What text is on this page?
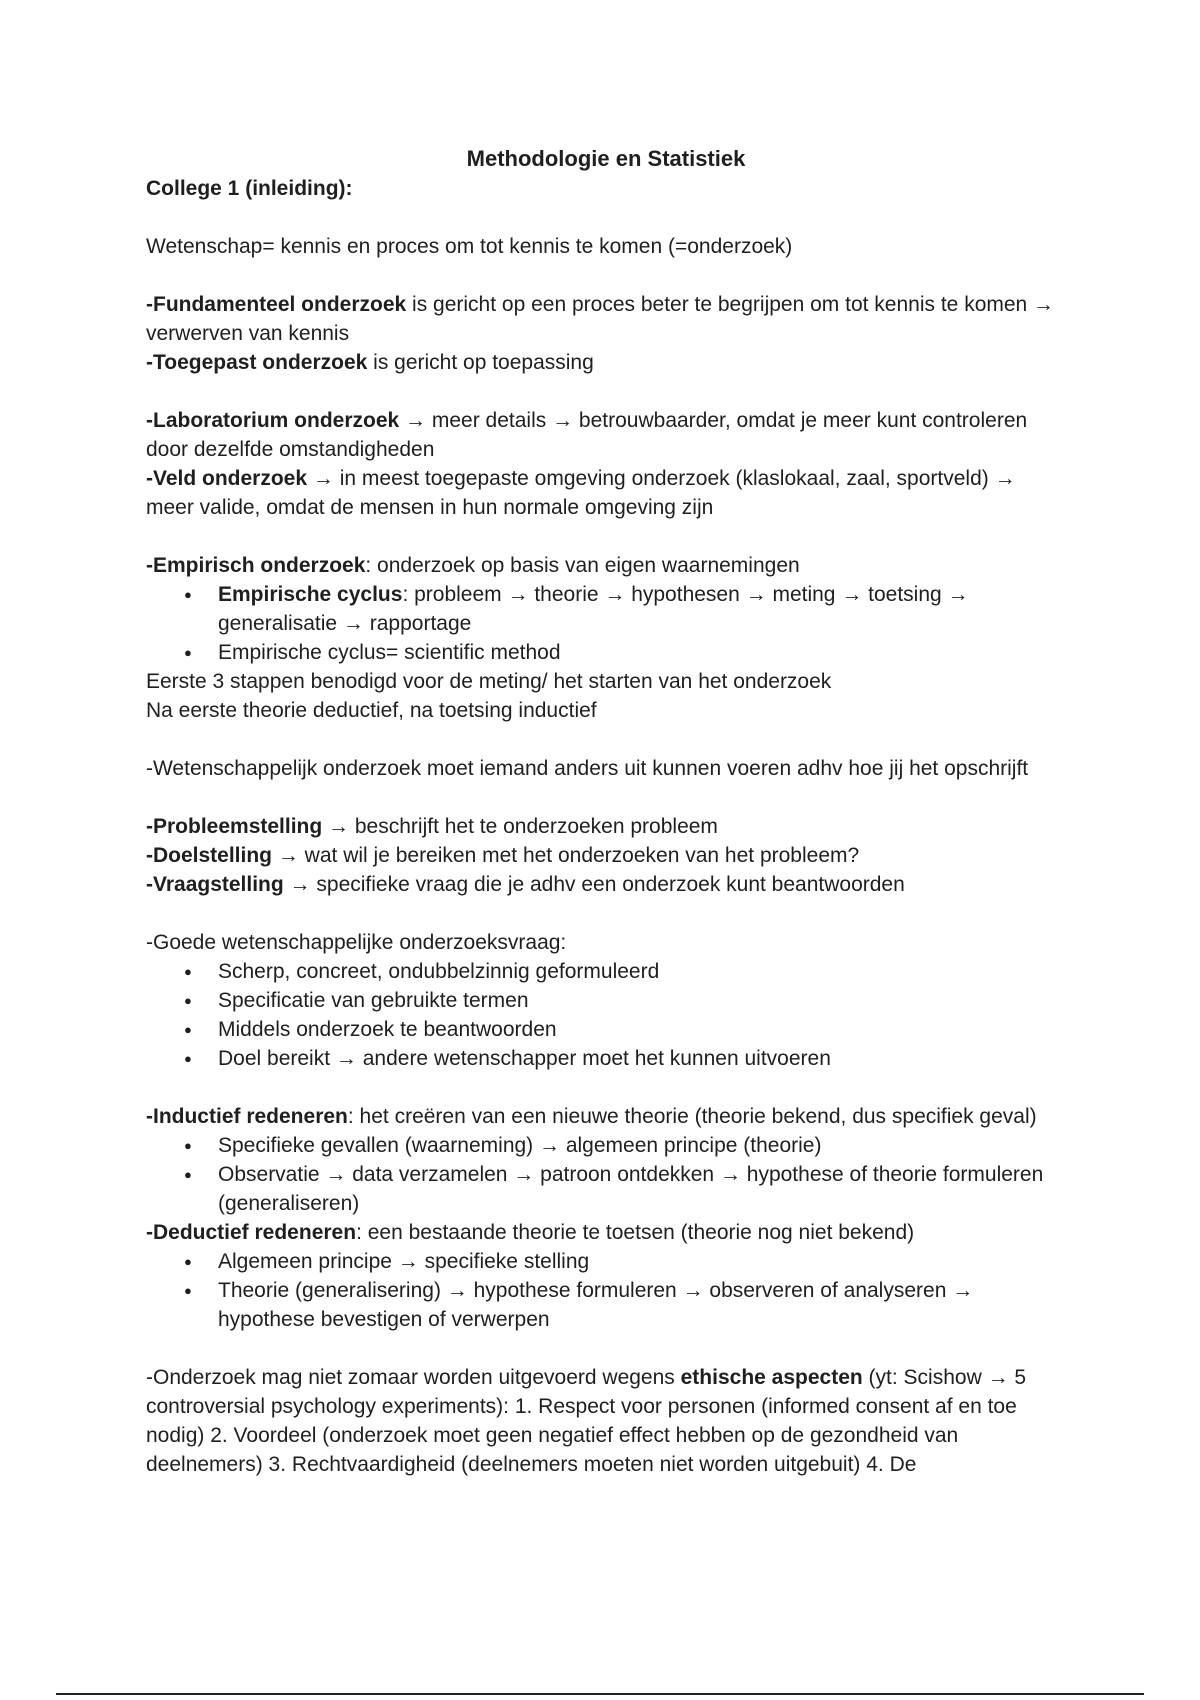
Methodologie en Statistiek

College 1 (inleiding):

Wetenschap= kennis en proces om tot kennis te komen (=onderzoek)

-Fundamenteel onderzoek is gericht op een proces beter te begrijpen om tot kennis te komen → verwerven van kennis

-Toegepast onderzoek is gericht op toepassing

-Laboratorium onderzoek → meer details → betrouwbaarder, omdat je meer kunt controleren door dezelfde omstandigheden

-Veld onderzoek → in meest toegepaste omgeving onderzoek (klaslokaal, zaal, sportveld) → meer valide, omdat de mensen in hun normale omgeving zijn

-Empirisch onderzoek: onderzoek op basis van eigen waarnemingen

● Empirische cyclus: probleem → theorie → hypothesen → meting → toetsing → generalisatie → rapportage
● Empirische cyclus= scientific method

Eerste 3 stappen benodigd voor de meting/ het starten van het onderzoek

Na eerste theorie deductief, na toetsing inductief

-Wetenschappelijk onderzoek moet iemand anders uit kunnen voeren adhv hoe jij het opschrijft

-Probleemstelling → beschrijft het te onderzoeken probleem

-Doelstelling → wat wil je bereiken met het onderzoeken van het probleem?

-Vraagstelling → specifieke vraag die je adhv een onderzoek kunt beantwoorden

-Goede wetenschappelijke onderzoeksvraag:

● Scherp, concreet, ondubbelzinnig geformuleerd
● Specificatie van gebruikte termen
● Middels onderzoek te beantwoorden
● Doel bereikt → andere wetenschapper moet het kunnen uitvoeren

-Inductief redeneren: het creëren van een nieuwe theorie (theorie bekend, dus specifiek geval)

● Specifieke gevallen (waarneming) → algemeen principe (theorie)
● Observatie → data verzamelen → patroon ontdekken → hypothese of theorie formuleren (generaliseren)

-Deductief redeneren: een bestaande theorie te toetsen (theorie nog niet bekend)

● Algemeen principe → specifieke stelling
● Theorie (generalisering) → hypothese formuleren → observeren of analyseren → hypothese bevestigen of verwerpen

-Onderzoek mag niet zomaar worden uitgevoerd wegens ethische aspecten (yt: Scishow → 5 controversial psychology experiments): 1. Respect voor personen (informed consent af en toe nodig) 2. Voordeel (onderzoek moet geen negatief effect hebben op de gezondheid van deelnemers) 3. Rechtvaardigheid (deelnemers moeten niet worden uitgebuit) 4. De
